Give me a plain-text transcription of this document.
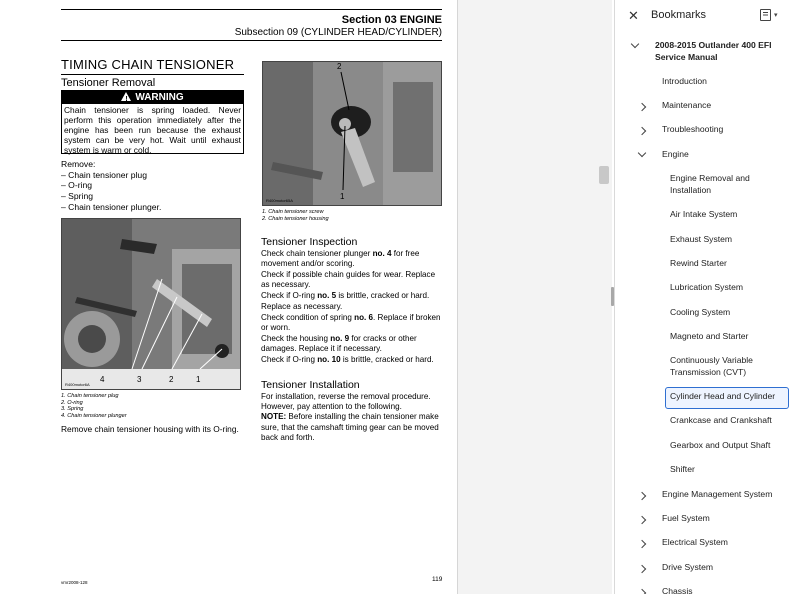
Section 03 ENGINE
Subsection 09 (CYLINDER HEAD/CYLINDER)
TIMING CHAIN TENSIONER
Tensioner Removal
!WARNING
Chain tensioner is spring loaded. Never perform this operation immediately after the engine has been run because the exhaust system can be very hot. Wait until exhaust system is warm or cold.
Remove:
– Chain tensioner plug
– O-ring
– Spring
– Chain tensioner plunger.
4	3	2	1
R400motor6A
1. Chain tensioner plug
2. O-ring
3. Spring
4. Chain tensioner plunger
Remove chain tensioner housing with its O-ring.
2
1
R400motor65A
1. Chain tensioner screw
2. Chain tensioner housing
Tensioner Inspection

Check chain tensioner plunger no. 4 for free movement and/or scoring.

Check if possible chain guides for wear. Replace as necessary.

Check if O-ring no. 5 is brittle, cracked or hard. Replace as necessary.

Check condition of spring no. 6. Replace if broken or worn.

Check the housing no. 9 for cracks or other damages. Replace it if necessary.

Check if O-ring no. 10 is brittle, cracked or hard.

Tensioner Installation

For installation, reverse the removal procedure. However, pay attention to the following.

NOTE: Before installing the chain tensioner make sure, that the camshaft timing gear can be moved back and forth.

vmr2008-128	119
✕ Bookmarks	▾
2008-2015 Outlander 400 EFI Service Manual
Introduction
Maintenance
Troubleshooting
Engine
Engine Removal and Installation
Air Intake System
Exhaust System
Rewind Starter
Lubrication System
Cooling System
Magneto and Starter
Continuously Variable Transmission (CVT)
Cylinder Head and Cylinder
Crankcase and Crankshaft
Gearbox and Output Shaft
Shifter
Engine Management System
Fuel System
Electrical System
Drive System
Chassis
